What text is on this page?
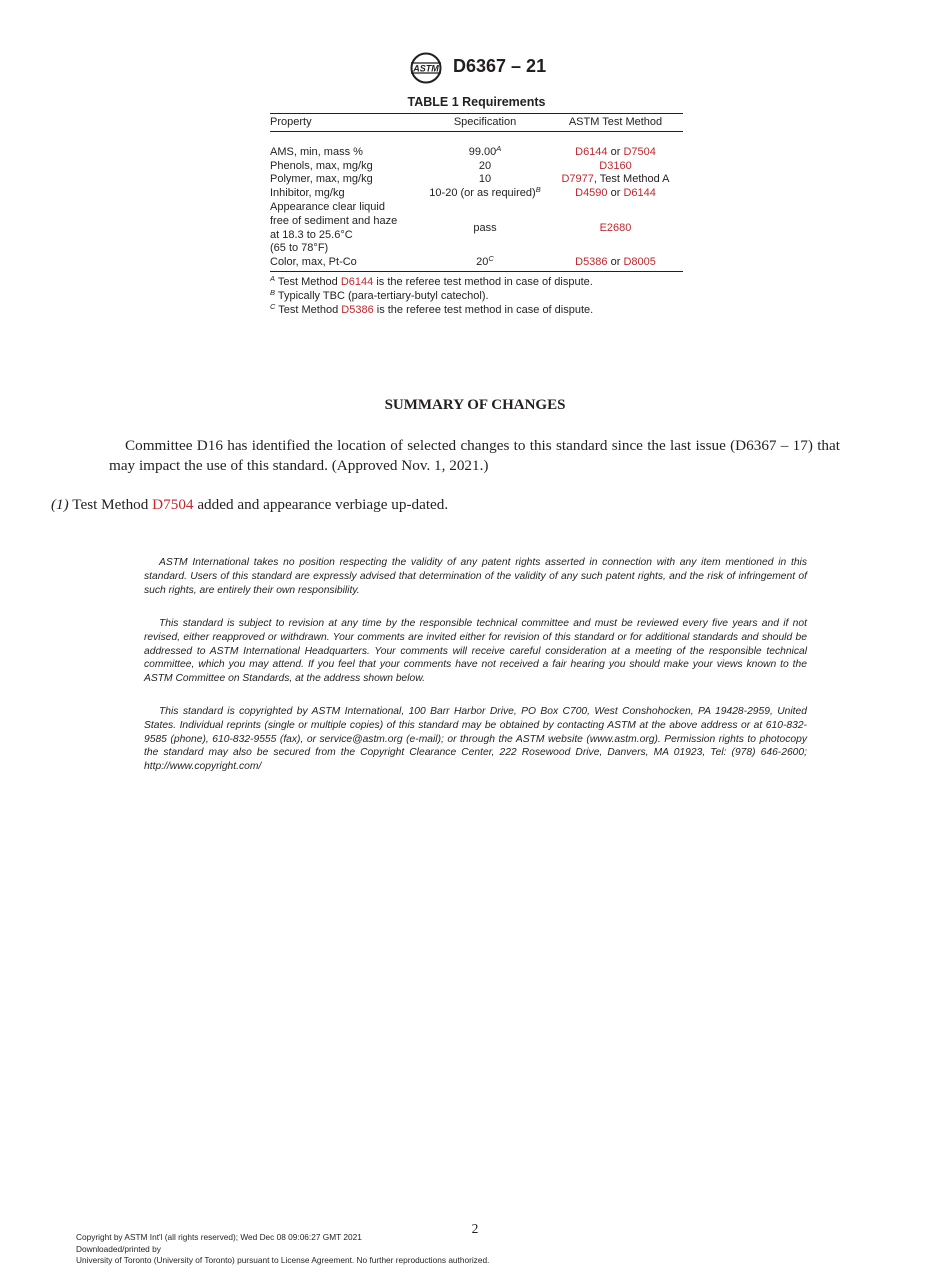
ASTM D6367 – 21
TABLE 1 Requirements
Property	Specification	ASTM Test Method

AMS, min, mass %	$99.00^A$	D6144 or D7504
Phenols, max, mg/kg	20	D3160
Polymer, max, mg/kg	10	D7977, Test Method A
Inhibitor, mg/kg	10-20 (or as required)$^B$	D4590 or D6144

Appearance clear liquid
free of sediment and haze
at 18.3 to 25.6°C
(65 to 78°F)	pass	E2680
Color, max, Pt-Co	$20^C$	D5386 or D8005
$^A$ Test Method D6144 is the referee test method in case of dispute.
$^B$ Typically TBC (para-tertiary-butyl catechol).
$^C$ Test Method D5386 is the referee test method in case of dispute.
SUMMARY OF CHANGES
Committee D16 has identified the location of selected changes to this standard since the last issue (D6367 – 17) that may impact the use of this standard. (Approved Nov. 1, 2021.)
(1) Test Method D7504 added and appearance verbiage up-dated.
ASTM International takes no position respecting the validity of any patent rights asserted in connection with any item mentioned in this standard. Users of this standard are expressly advised that determination of the validity of any such patent rights, and the risk of infringement of such rights, are entirely their own responsibility.
This standard is subject to revision at any time by the responsible technical committee and must be reviewed every five years and if not revised, either reapproved or withdrawn. Your comments are invited either for revision of this standard or for additional standards and should be addressed to ASTM International Headquarters. Your comments will receive careful consideration at a meeting of the responsible technical committee, which you may attend. If you feel that your comments have not received a fair hearing you should make your views known to the ASTM Committee on Standards, at the address shown below.
This standard is copyrighted by ASTM International, 100 Barr Harbor Drive, PO Box C700, West Conshohocken, PA 19428-2959, United States. Individual reprints (single or multiple copies) of this standard may be obtained by contacting ASTM at the above address or at 610-832-9585 (phone), 610-832-9555 (fax), or service@astm.org (e-mail); or through the ASTM website (www.astm.org). Permission rights to photocopy the standard may also be secured from the Copyright Clearance Center, 222 Rosewood Drive, Danvers, MA 01923, Tel: (978) 646-2600; http://www.copyright.com/
2
Copyright by ASTM Int'l (all rights reserved); Wed Dec 08 09:06:27 GMT 2021
Downloaded/printed by
University of Toronto (University of Toronto) pursuant to License Agreement. No further reproductions authorized.
